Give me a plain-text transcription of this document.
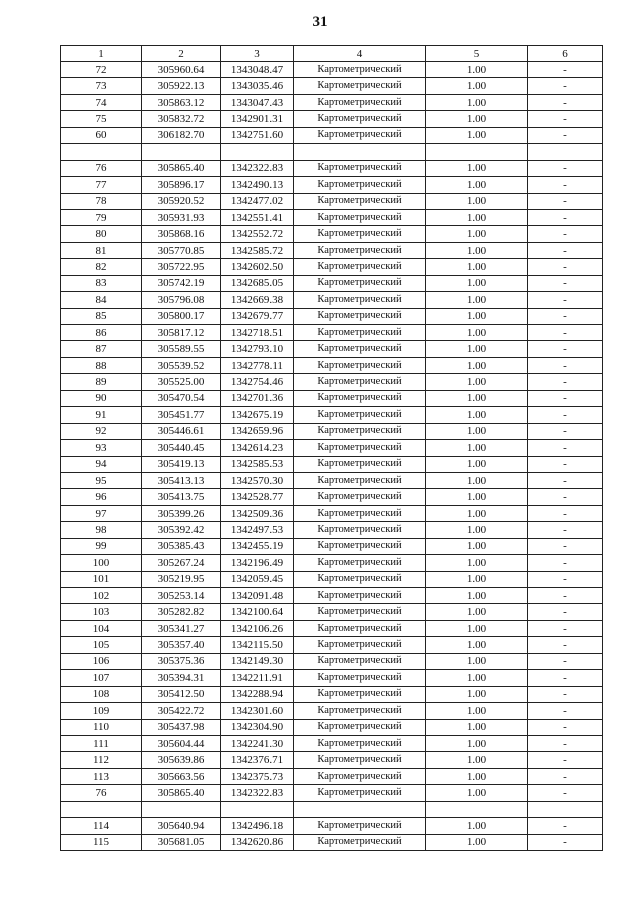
31
1	2	3	4	5	6
72	305960.64	1343048.47	Картометрический	1.00	-
73	305922.13	1343035.46	Картометрический	1.00	-
74	305863.12	1343047.43	Картометрический	1.00	-
75	305832.72	1342901.31	Картометрический	1.00	-
60	306182.70	1342751.60	Картометрический	1.00	-

76	305865.40	1342322.83	Картометрический	1.00	-
77	305896.17	1342490.13	Картометрический	1.00	-
78	305920.52	1342477.02	Картометрический	1.00	-
79	305931.93	1342551.41	Картометрический	1.00	-
80	305868.16	1342552.72	Картометрический	1.00	-
81	305770.85	1342585.72	Картометрический	1.00	-
82	305722.95	1342602.50	Картометрический	1.00	-
83	305742.19	1342685.05	Картометрический	1.00	-
84	305796.08	1342669.38	Картометрический	1.00	-
85	305800.17	1342679.77	Картометрический	1.00	-
86	305817.12	1342718.51	Картометрический	1.00	-
87	305589.55	1342793.10	Картометрический	1.00	-
88	305539.52	1342778.11	Картометрический	1.00	-
89	305525.00	1342754.46	Картометрический	1.00	-
90	305470.54	1342701.36	Картометрический	1.00	-
91	305451.77	1342675.19	Картометрический	1.00	-
92	305446.61	1342659.96	Картометрический	1.00	-
93	305440.45	1342614.23	Картометрический	1.00	-
94	305419.13	1342585.53	Картометрический	1.00	-
95	305413.13	1342570.30	Картометрический	1.00	-
96	305413.75	1342528.77	Картометрический	1.00	-
97	305399.26	1342509.36	Картометрический	1.00	-
98	305392.42	1342497.53	Картометрический	1.00	-
99	305385.43	1342455.19	Картометрический	1.00	-
100	305267.24	1342196.49	Картометрический	1.00	-
101	305219.95	1342059.45	Картометрический	1.00	-
102	305253.14	1342091.48	Картометрический	1.00	-
103	305282.82	1342100.64	Картометрический	1.00	-
104	305341.27	1342106.26	Картометрический	1.00	-
105	305357.40	1342115.50	Картометрический	1.00	-
106	305375.36	1342149.30	Картометрический	1.00	-
107	305394.31	1342211.91	Картометрический	1.00	-
108	305412.50	1342288.94	Картометрический	1.00	-
109	305422.72	1342301.60	Картометрический	1.00	-
110	305437.98	1342304.90	Картометрический	1.00	-
111	305604.44	1342241.30	Картометрический	1.00	-
112	305639.86	1342376.71	Картометрический	1.00	-
113	305663.56	1342375.73	Картометрический	1.00	-
76	305865.40	1342322.83	Картометрический	1.00	-

114	305640.94	1342496.18	Картометрический	1.00	-
115	305681.05	1342620.86	Картометрический	1.00	-
